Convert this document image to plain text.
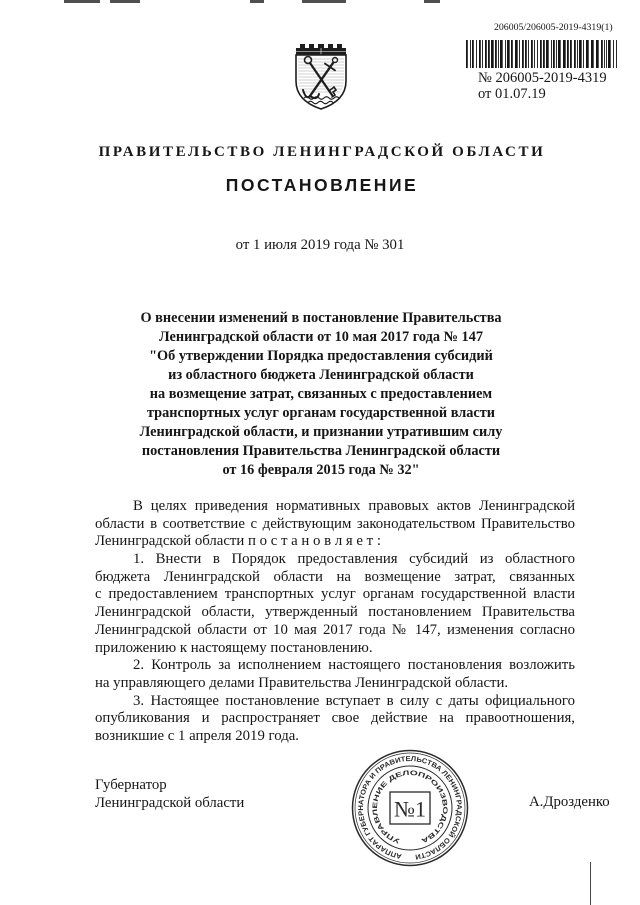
206005/206005-2019-4319(1)
№ 206005-2019-4319
от 01.07.19
ПРАВИТЕЛЬСТВО ЛЕНИНГРАДСКОЙ ОБЛАСТИ
ПОСТАНОВЛЕНИЕ
от 1 июля 2019 года № 301
О внесении изменений в постановление Правительства
Ленинградской области от 10 мая 2017 года № 147
"Об утверждении Порядка предоставления субсидий
из областного бюджета Ленинградской области
на возмещение затрат, связанных с предоставлением
транспортных услуг органам государственной власти
Ленинградской области, и признании утратившим силу
постановления Правительства Ленинградской области
от 16 февраля 2015 года № 32"
В целях приведения нормативных правовых актов Ленинградской
области в соответствие с действующим законодательством Правительство
Ленинградской области п о с т а н о в л я е т :
1. Внести в Порядок предоставления субсидий из областного
бюджета Ленинградской области на возмещение затрат, связанных
с предоставлением транспортных услуг органам государственной власти
Ленинградской области, утвержденный постановлением Правительства
Ленинградской области от 10 мая 2017 года № 147, изменения согласно
приложению к настоящему постановлению.
2. Контроль за исполнением настоящего постановления возложить
на управляющего делами Правительства Ленинградской области.
3. Настоящее постановление вступает в силу с даты официального
опубликования и распространяет свое действие на правоотношения,
возникшие с 1 апреля 2019 года.
Губернатор
Ленинградской области	А.Дрозденко
АППАРАТ ГУБЕРНАТОРА И ПРАВИТЕЛЬСТВА ЛЕНИНГРАДСКОЙ ОБЛАСТИ
УПРАВЛЕНИЕ ДЕЛОПРОИЗВОДСТВА
№1
